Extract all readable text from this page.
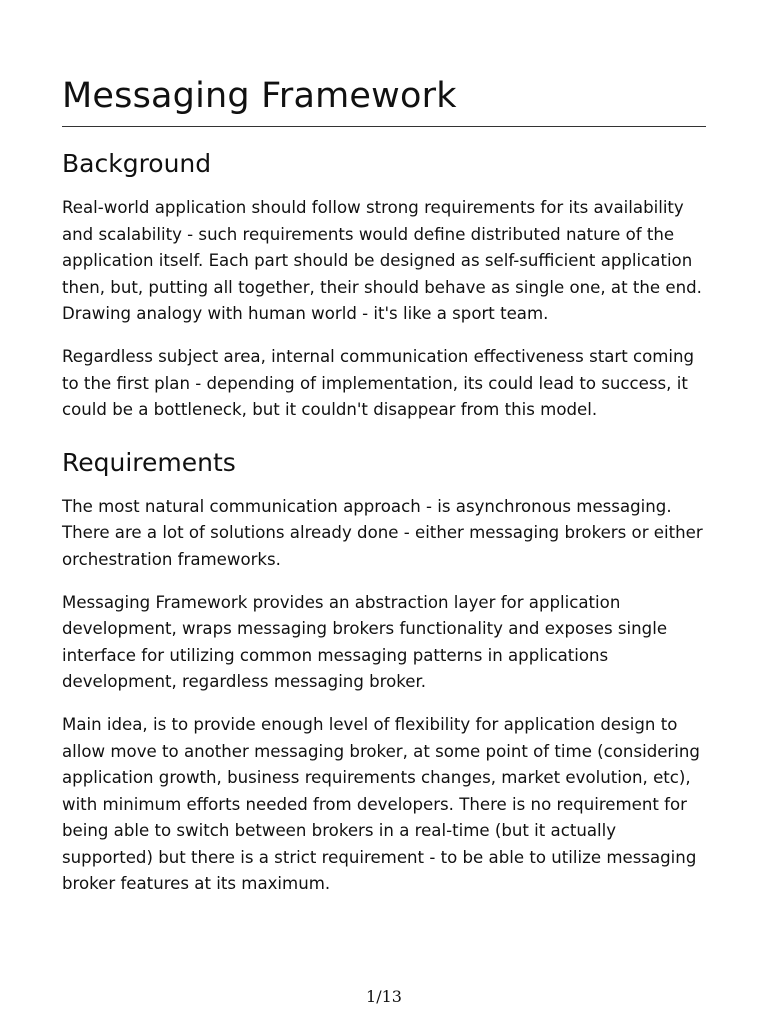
Messaging Framework
Background

Real-world application should follow strong requirements for its availability and scalability - such requirements would define distributed nature of the application itself. Each part should be designed as self-sufficient application then, but, putting all together, their should behave as single one, at the end. Drawing analogy with human world - it's like a sport team.

Regardless subject area, internal communication effectiveness start coming to the first plan - depending of implementation, its could lead to success, it could be a bottleneck, but it couldn't disappear from this model.

Requirements

The most natural communication approach - is asynchronous messaging. There are a lot of solutions already done - either messaging brokers or either orchestration frameworks.

Messaging Framework provides an abstraction layer for application development, wraps messaging brokers functionality and exposes single interface for utilizing common messaging patterns in applications development, regardless messaging broker.

Main idea, is to provide enough level of flexibility for application design to allow move to another messaging broker, at some point of time (considering application growth, business requirements changes, market evolution, etc), with minimum efforts needed from developers. There is no requirement for being able to switch between brokers in a real-time (but it actually supported) but there is a strict requirement - to be able to utilize messaging broker features at its maximum.

1/13
